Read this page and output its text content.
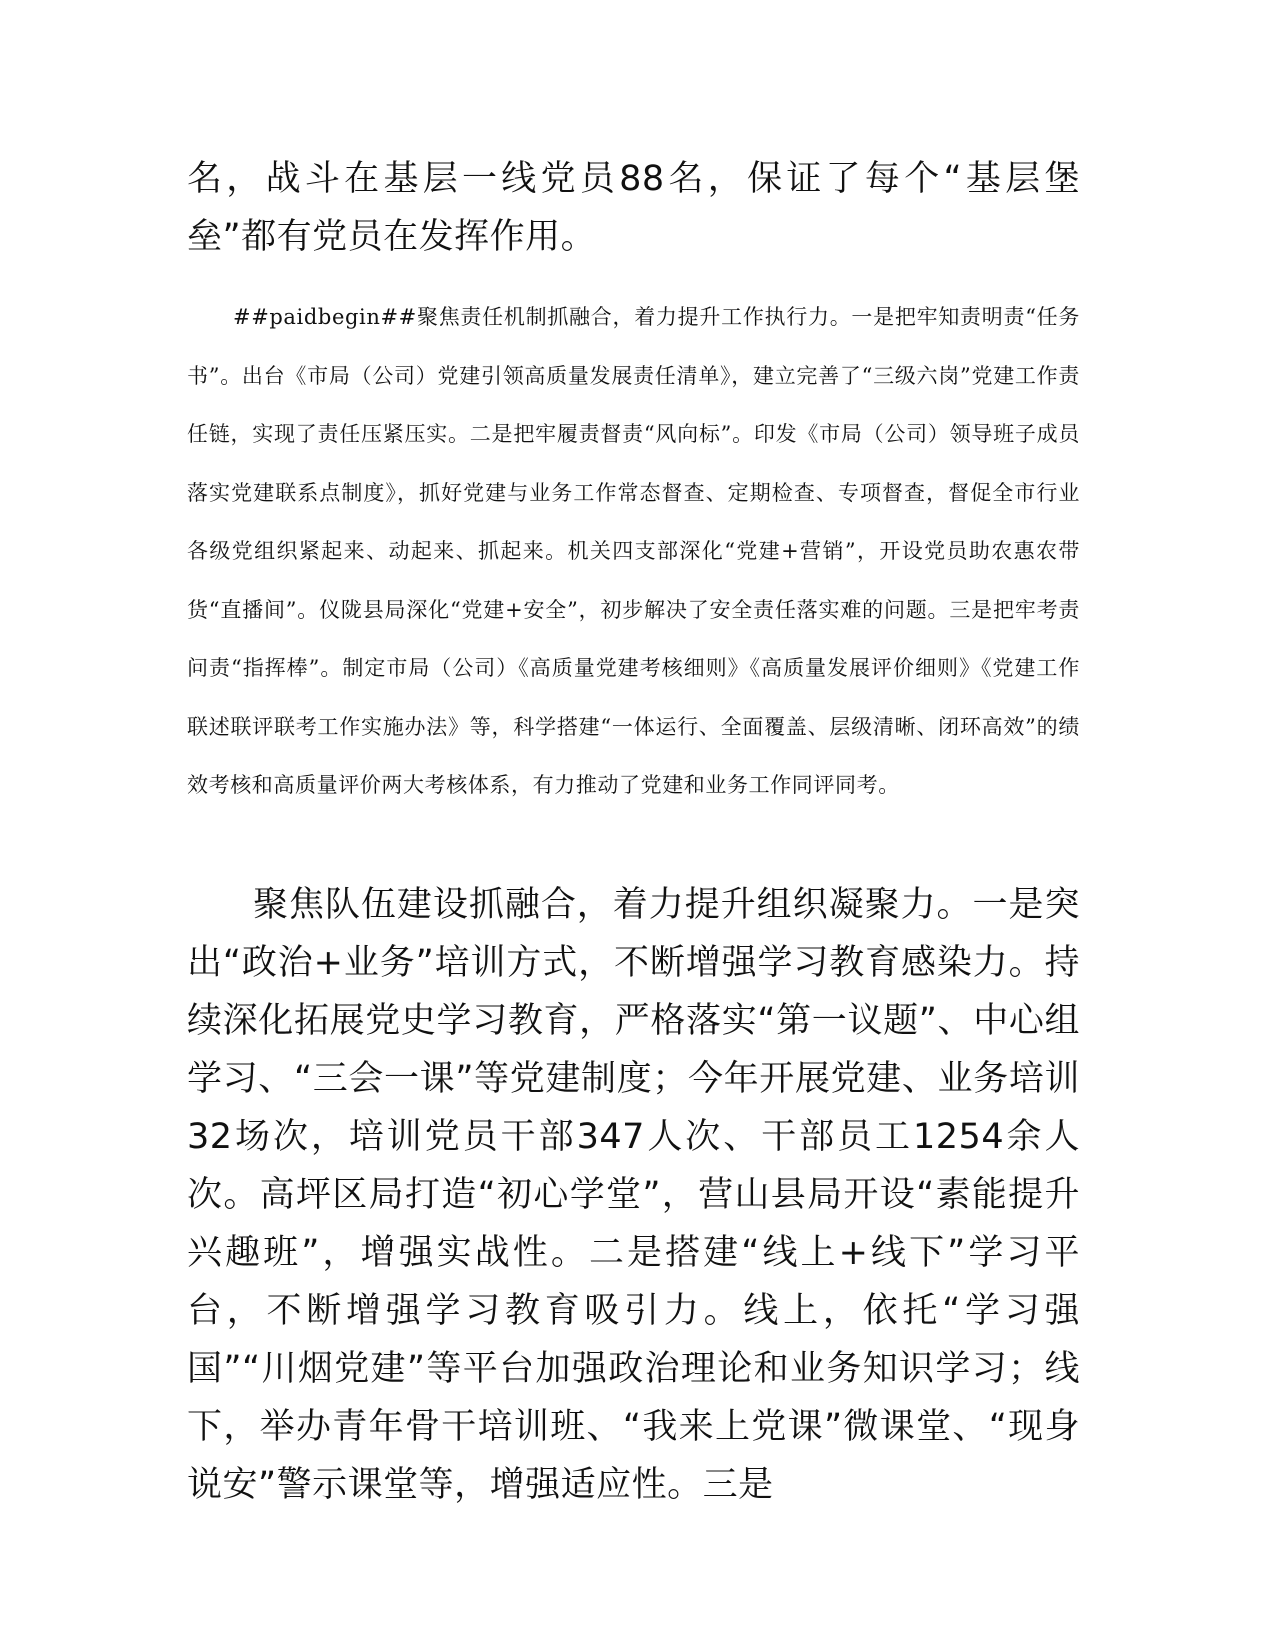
名，战斗在基层一线党员88名，保证了每个“基层堡垒”都有党员在发挥作用。

##paidbegin##聚焦责任机制抓融合，着力提升工作执行力。一是把牢知责明责“任务书”。出台《市局（公司）党建引领高质量发展责任清单》，建立完善了“三级六岗”党建工作责任链，实现了责任压紧压实。二是把牢履责督责“风向标”。印发《市局（公司）领导班子成员落实党建联系点制度》，抓好党建与业务工作常态督查、定期检查、专项督查，督促全市行业各级党组织紧起来、动起来、抓起来。机关四支部深化“党建+营销”，开设党员助农惠农带货“直播间”。仪陇县局深化“党建+安全”，初步解决了安全责任落实难的问题。三是把牢考责问责“指挥棒”。制定市局（公司）《高质量党建考核细则》《高质量发展评价细则》《党建工作联述联评联考工作实施办法》等，科学搭建“一体运行、全面覆盖、层级清晰、闭环高效”的绩效考核和高质量评价两大考核体系，有力推动了党建和业务工作同评同考。

聚焦队伍建设抓融合，着力提升组织凝聚力。一是突出“政治+业务”培训方式，不断增强学习教育感染力。持续深化拓展党史学习教育，严格落实“第一议题”、中心组学习、“三会一课”等党建制度；今年开展党建、业务培训32场次，培训党员干部347人次、干部员工1254余人次。高坪区局打造“初心学堂”，营山县局开设“素能提升兴趣班”，增强实战性。二是搭建“线上+线下”学习平台，不断增强学习教育吸引力。线上，依托“学习强国”“川烟党建”等平台加强政治理论和业务知识学习；线下，举办青年骨干培训班、“我来上党课”微课堂、“现身说安”警示课堂等，增强适应性。三是
